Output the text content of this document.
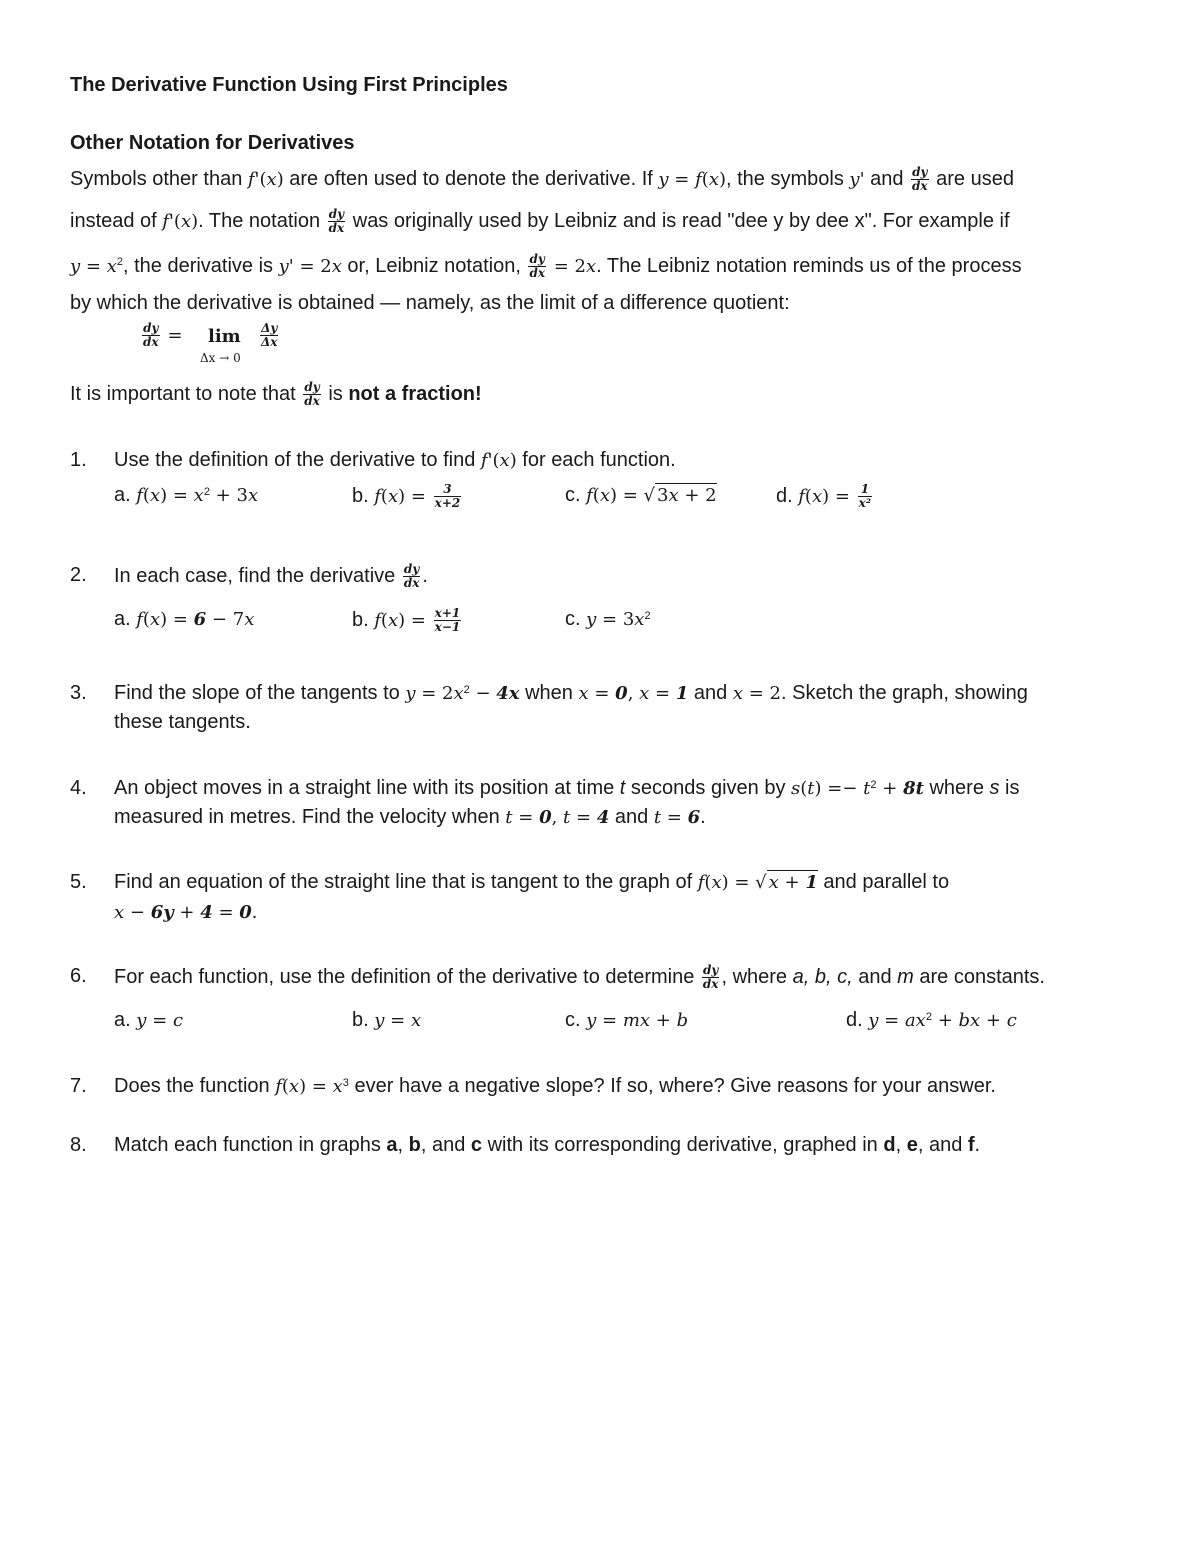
The Derivative Function Using First Principles
Other Notation for Derivatives
Symbols other than f'(x) are often used to denote the derivative. If y = f(x), the symbols y' and $\frac{dy}{dx}$ are used
instead of f'(x). The notation $\frac{dy}{dx}$ was originally used by Leibniz and is read "dee y by dee x". For example if
$y = x^2$, the derivative is y' = 2x or, Leibniz notation, $\frac{dy}{dx} = 2x$. The Leibniz notation reminds us of the process
by which the derivative is obtained — namely, as the limit of a difference quotient:
$\frac{dy}{dx}$ =	lim
Δx → 0
$\frac{\Delta y}{\Delta x}$
It is important to note that $\frac{dy}{dx}$ is not a fraction!
1. Use the definition of the derivative to find f'(x) for each function.
a. $f(x) = x^2 + 3x$	b. $f(x) = \frac{3}{x+2}$	c. f(x) = √ 3x + 2	d. $f(x) = \frac{1}{\text{x²}}$
2. In each case, find the derivative $\frac{dy}{dx}$ .
a. f(x) = 6 − 7x	b. $f(x) = \frac{x+1}{x-1}$	c. $y = 3x^2$
3. Find the slope of the tangents to $y = 2x^2 - 4x$ when x = 0, x = 1 and x = 2. Sketch the graph, showing
these tangents.
4. An object moves in a straight line with its position at time t seconds given by $s(t) =- t^2 + 8t$ where s is
measured in metres. Find the velocity when t = 0, t = 4 and t = 6.
5. Find an equation of the straight line that is tangent to the graph of f(x) = √ x + 1 and parallel to
x − 6y + 4 = 0.
6. For each function, use the definition of the derivative to determine $\frac{dy}{dx}$ , where a, b, c, and m are constants.
a. y = c	b. y = x	c. y = mx + b	d. $y = ax^2$ + bx + c
7. Does the function $f(x) = x^3$ ever have a negative slope? If so, where? Give reasons for your answer.
8. Match each function in graphs a, b, and c with its corresponding derivative, graphed in d, e, and f.
